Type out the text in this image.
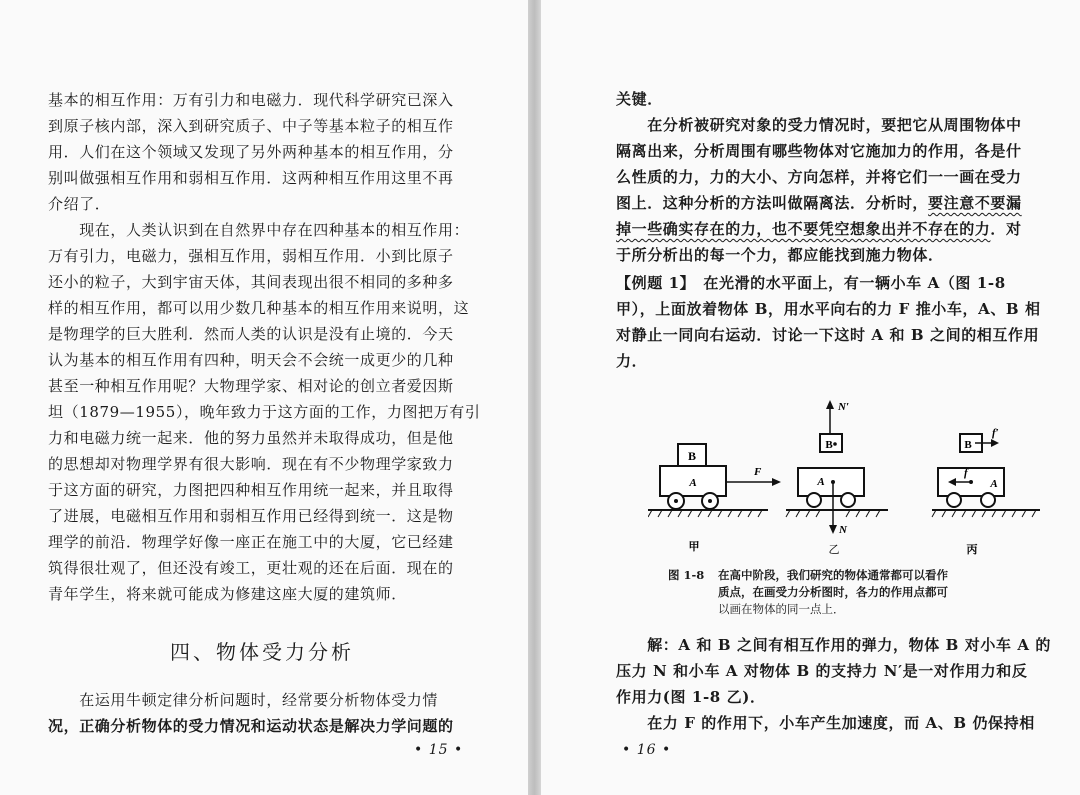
基本的相互作用：万有引力和电磁力．现代科学研究已深入

到原子核内部，深入到研究质子、中子等基本粒子的相互作

用．人们在这个领域又发现了另外两种基本的相互作用，分

别叫做强相互作用和弱相互作用．这两种相互作用这里不再

介绍了．

　　现在，人类认识到在自然界中存在四种基本的相互作用：

万有引力，电磁力，强相互作用，弱相互作用．小到比原子

还小的粒子，大到宇宙天体，其间表现出很不相同的多种多

样的相互作用，都可以用少数几种基本的相互作用来说明，这

是物理学的巨大胜利．然而人类的认识是没有止境的．今天

认为基本的相互作用有四种，明天会不会统一成更少的几种

甚至一种相互作用呢？大物理学家、相对论的创立者爱因斯

坦（1879—1955），晚年致力于这方面的工作，力图把万有引

力和电磁力统一起来．他的努力虽然并未取得成功，但是他

的思想却对物理学界有很大影响．现在有不少物理学家致力

于这方面的研究，力图把四种相互作用统一起来，并且取得

了进展，电磁相互作用和弱相互作用已经得到统一．这是物

理学的前沿．物理学好像一座正在施工中的大厦，它已经建

筑得很壮观了，但还没有竣工，更壮观的还在后面．现在的

青年学生，将来就可能成为修建这座大厦的建筑师．

四、物体受力分析

　　在运用牛顿定律分析问题时，经常要分析物体受力情

况，正确分析物体的受力情况和运动状态是解决力学问题的

• 15 •

关键．

　　在分析被研究对象的受力情况时，要把它从周围物体中

隔离出来，分析周围有哪些物体对它施加力的作用，各是什

么性质的力，力的大小、方向怎样，并将它们一一画在受力

图上．这种分析的方法叫做隔离法．分析时，要注意不要漏

掉一些确实存在的力，也不要凭空想象出并不存在的力．对

于所分析出的每一个力，都应能找到施力物体．

【例题 1】　在光滑的水平面上，有一辆小车 A（图 1-8

甲），上面放着物体 B，用水平向右的力 F 推小车，A、B 相

对静止一同向右运动．讨论一下这时 A 和 B 之间的相互作用

力．

B
A
F
N′
B
A
N
B
f′
A
f
甲	乙	丙

图 1-8 在高中阶段，我们研究的物体通常都可以看作

质点，在画受力分析图时，各力的作用点都可

以画在物体的同一点上．

　　解：A 和 B 之间有相互作用的弹力，物体 B 对小车 A 的

压力 N 和小车 A 对物体 B 的支持力 N′是一对作用力和反

作用力(图 1-8 乙)．

　　在力 F 的作用下，小车产生加速度，而 A、B 仍保持相

• 16 •
